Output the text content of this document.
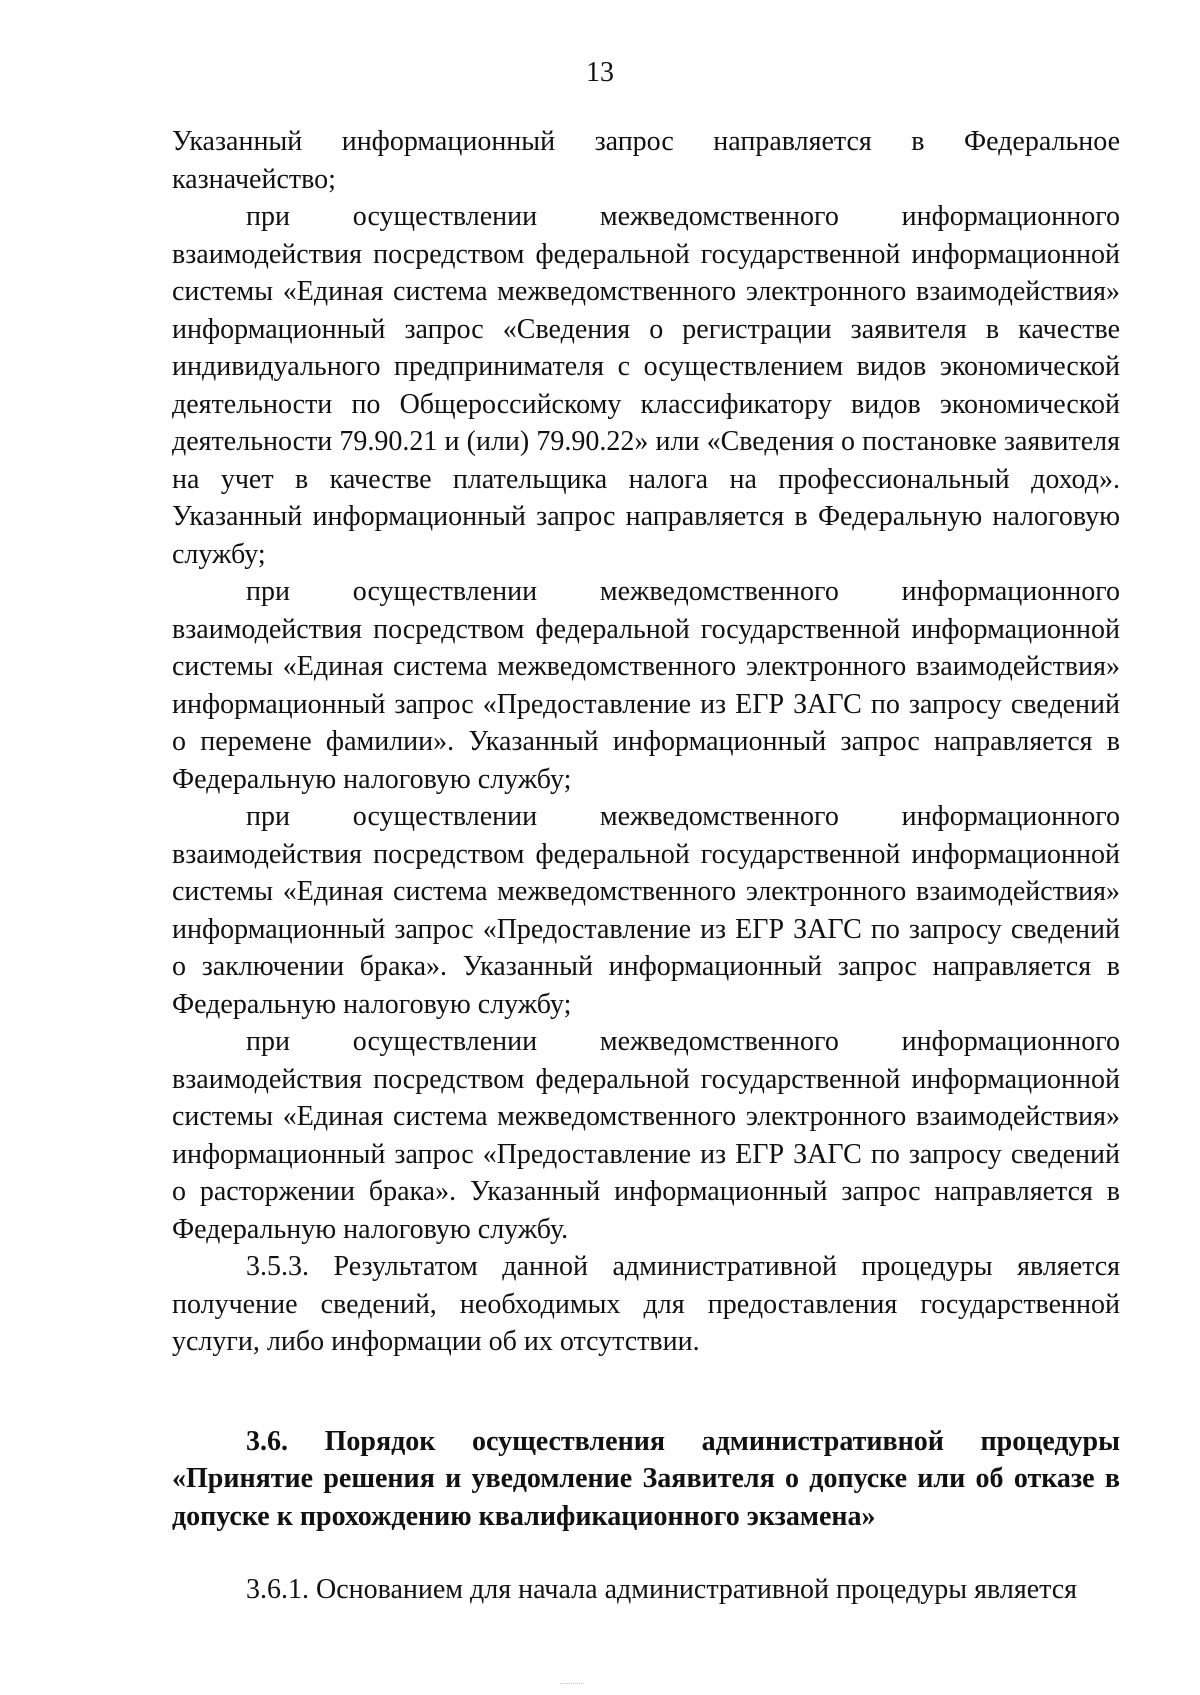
13

Указанный информационный запрос направляется в Федеральное казначейство;

при осуществлении межведомственного информационного взаимодействия посредством федеральной государственной информационной системы «Единая система межведомственного электронного взаимодействия» информационный запрос «Сведения о регистрации заявителя в качестве индивидуального предпринимателя с осуществлением видов экономической деятельности по Общероссийскому классификатору видов экономической деятельности 79.90.21 и (или) 79.90.22» или «Сведения о постановке заявителя на учет в качестве плательщика налога на профессиональный доход». Указанный информационный запрос направляется в Федеральную налоговую службу;

при осуществлении межведомственного информационного взаимодействия посредством федеральной государственной информационной системы «Единая система межведомственного электронного взаимодействия» информационный запрос «Предоставление из ЕГР ЗАГС по запросу сведений о перемене фамилии». Указанный информационный запрос направляется в Федеральную налоговую службу;

при осуществлении межведомственного информационного взаимодействия посредством федеральной государственной информационной системы «Единая система межведомственного электронного взаимодействия» информационный запрос «Предоставление из ЕГР ЗАГС по запросу сведений о заключении брака». Указанный информационный запрос направляется в Федеральную налоговую службу;

при осуществлении межведомственного информационного взаимодействия посредством федеральной государственной информационной системы «Единая система межведомственного электронного взаимодействия» информационный запрос «Предоставление из ЕГР ЗАГС по запросу сведений о расторжении брака». Указанный информационный запрос направляется в Федеральную налоговую службу.

3.5.3. Результатом данной административной процедуры является получение сведений, необходимых для предоставления государственной услуги, либо информации об их отсутствии.

3.6. Порядок осуществления административной процедуры «Принятие решения и уведомление Заявителя о допуске или об отказе в допуске к прохождению квалификационного экзамена»

3.6.1. Основанием для начала административной процедуры является
